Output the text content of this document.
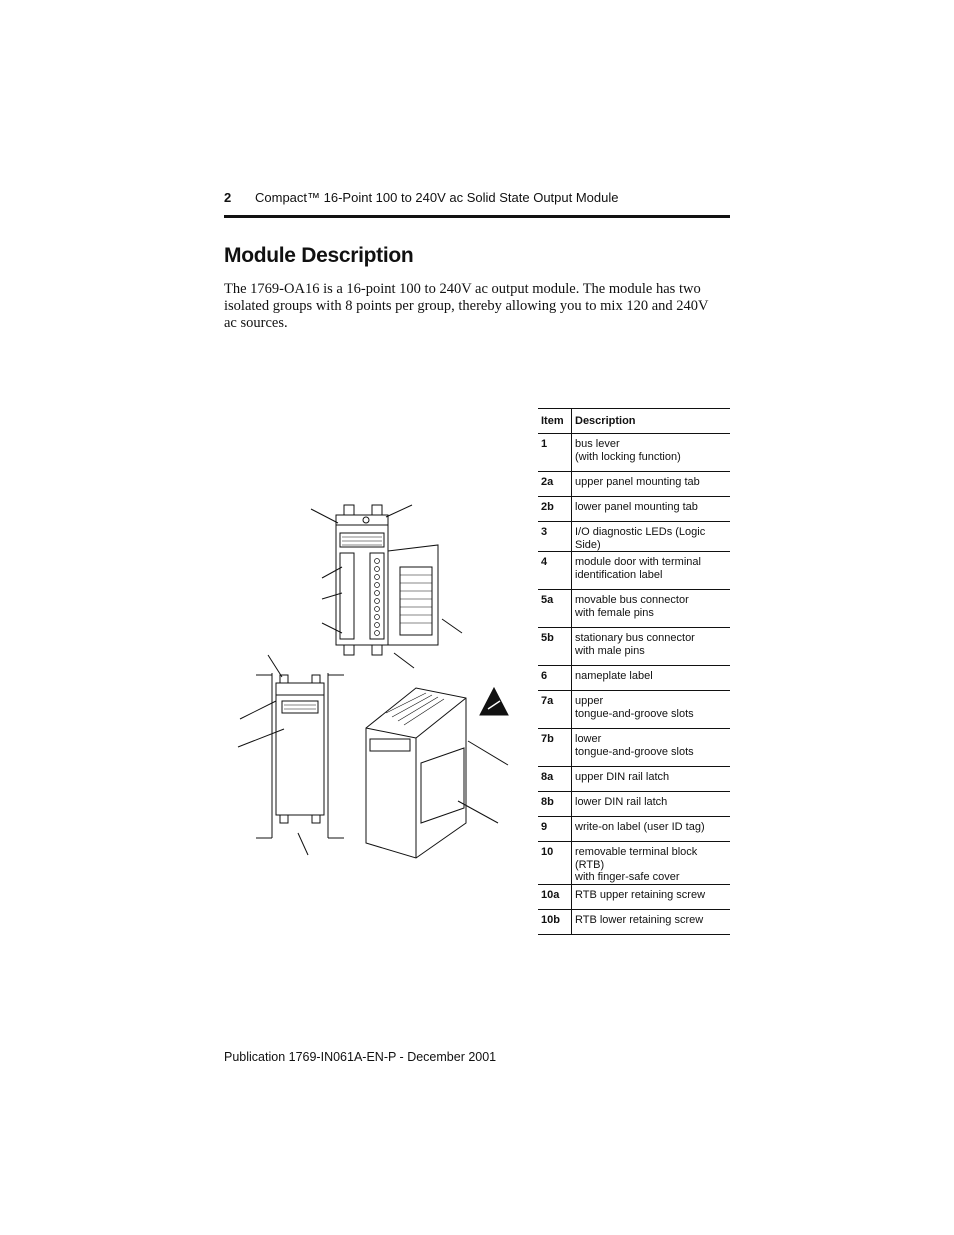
2	Compact™ 16-Point 100 to 240V ac Solid State Output Module
Module Description

The 1769-OA16 is a 16-point 100 to 240V ac output module. The module has two isolated groups with 8 points per group, thereby allowing you to mix 120 and 240V ac sources.

Item	Description
1	bus lever
(with locking function)
2a	upper panel mounting tab
2b	lower panel mounting tab
3	I/O diagnostic LEDs (Logic Side)
4	module door with terminal
identification label
5a	movable bus connector
with female pins
5b	stationary bus connector
with male pins
6	nameplate label
7a	upper
tongue-and-groove slots
7b	lower
tongue-and-groove slots
8a	upper DIN rail latch
8b	lower DIN rail latch
9	write-on label (user ID tag)
10	removable terminal block (RTB)
with finger-safe cover
10a	RTB upper retaining screw
10b	RTB lower retaining screw
Publication 1769-IN061A-EN-P - December 2001
